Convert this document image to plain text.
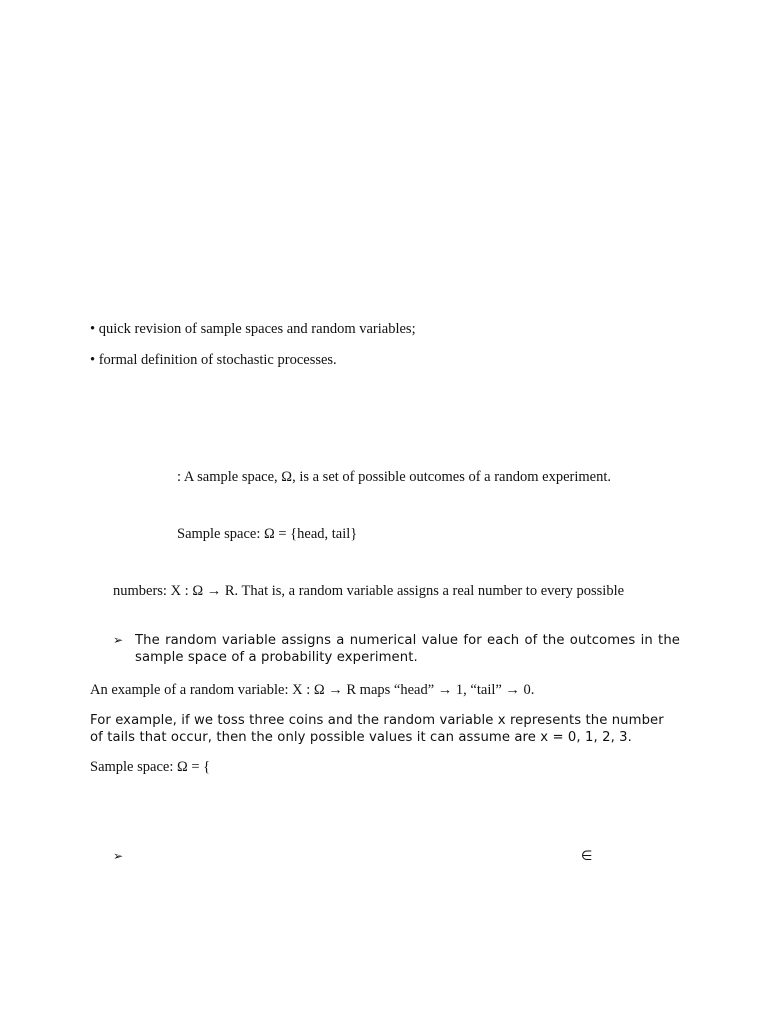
• quick revision of sample spaces and random variables;
• formal definition of stochastic processes.
: A sample space, Ω, is a set of possible outcomes of a random experiment.
Sample space: Ω = {head, tail}
numbers: X : Ω → R. That is, a random variable assigns a real number to every possible
➢ The random variable assigns a numerical value for each of the outcomes in the sample space of a probability experiment.
An example of a random variable: X : Ω → R maps “head” → 1, “tail” → 0.
For example, if we toss three coins and the random variable x represents the number of tails that occur, then the only possible values it can assume are x = 0, 1, 2, 3.
Sample space: Ω = {
➢	∈
